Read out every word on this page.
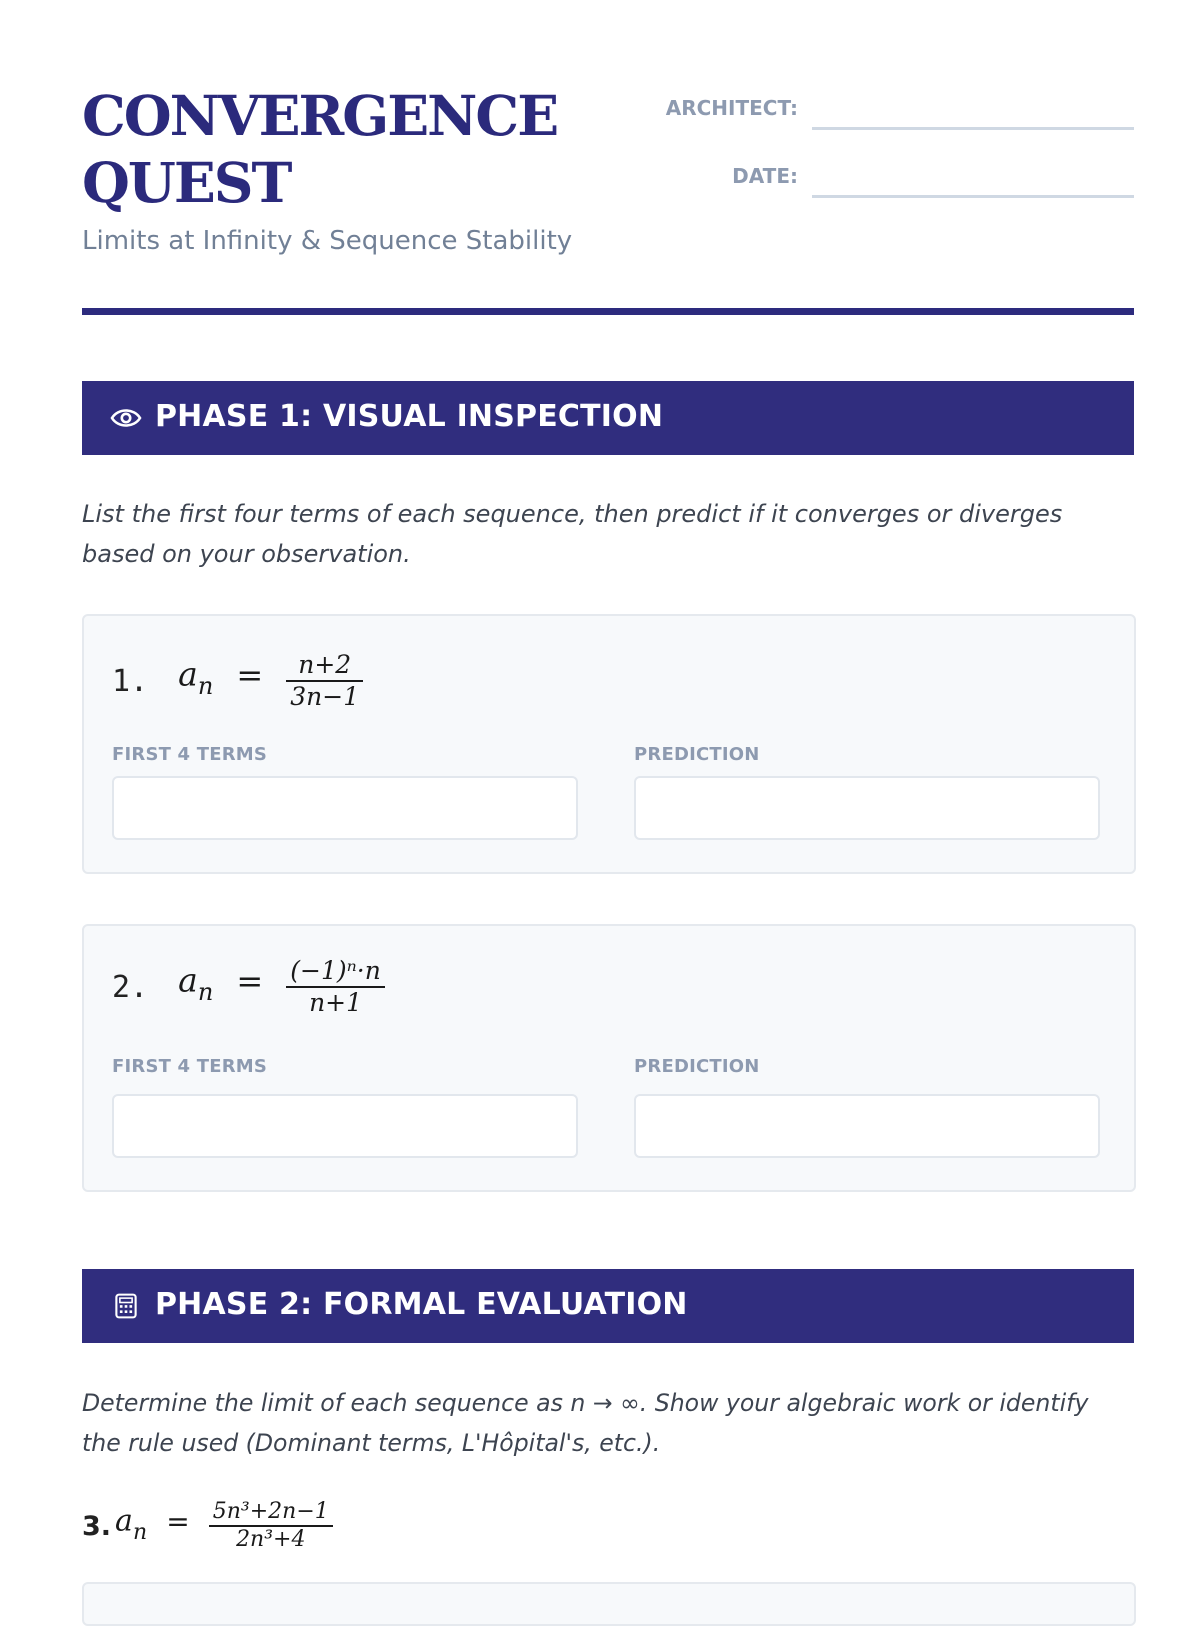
CONVERGENCE
QUEST
Limits at Infinity & Sequence Stability
ARCHITECT:
DATE:
PHASE 1: VISUAL INSPECTION
List the first four terms of each sequence, then predict if it converges or diverges based on your observation.
1. an = $\frac{n+2}{3n-1}$
FIRST 4 TERMS	PREDICTION
2. an = $\frac{\text{(−1)ⁿ·n}}{n+1}$
FIRST 4 TERMS	PREDICTION
PHASE 2: FORMAL EVALUATION
Determine the limit of each sequence as n → ∞. Show your algebraic work or identify the rule used (Dominant terms, L'Hôpital's, etc.).
3. an = $\frac{\text{5n³+2n−1}}{\text{2n³+4}}$
